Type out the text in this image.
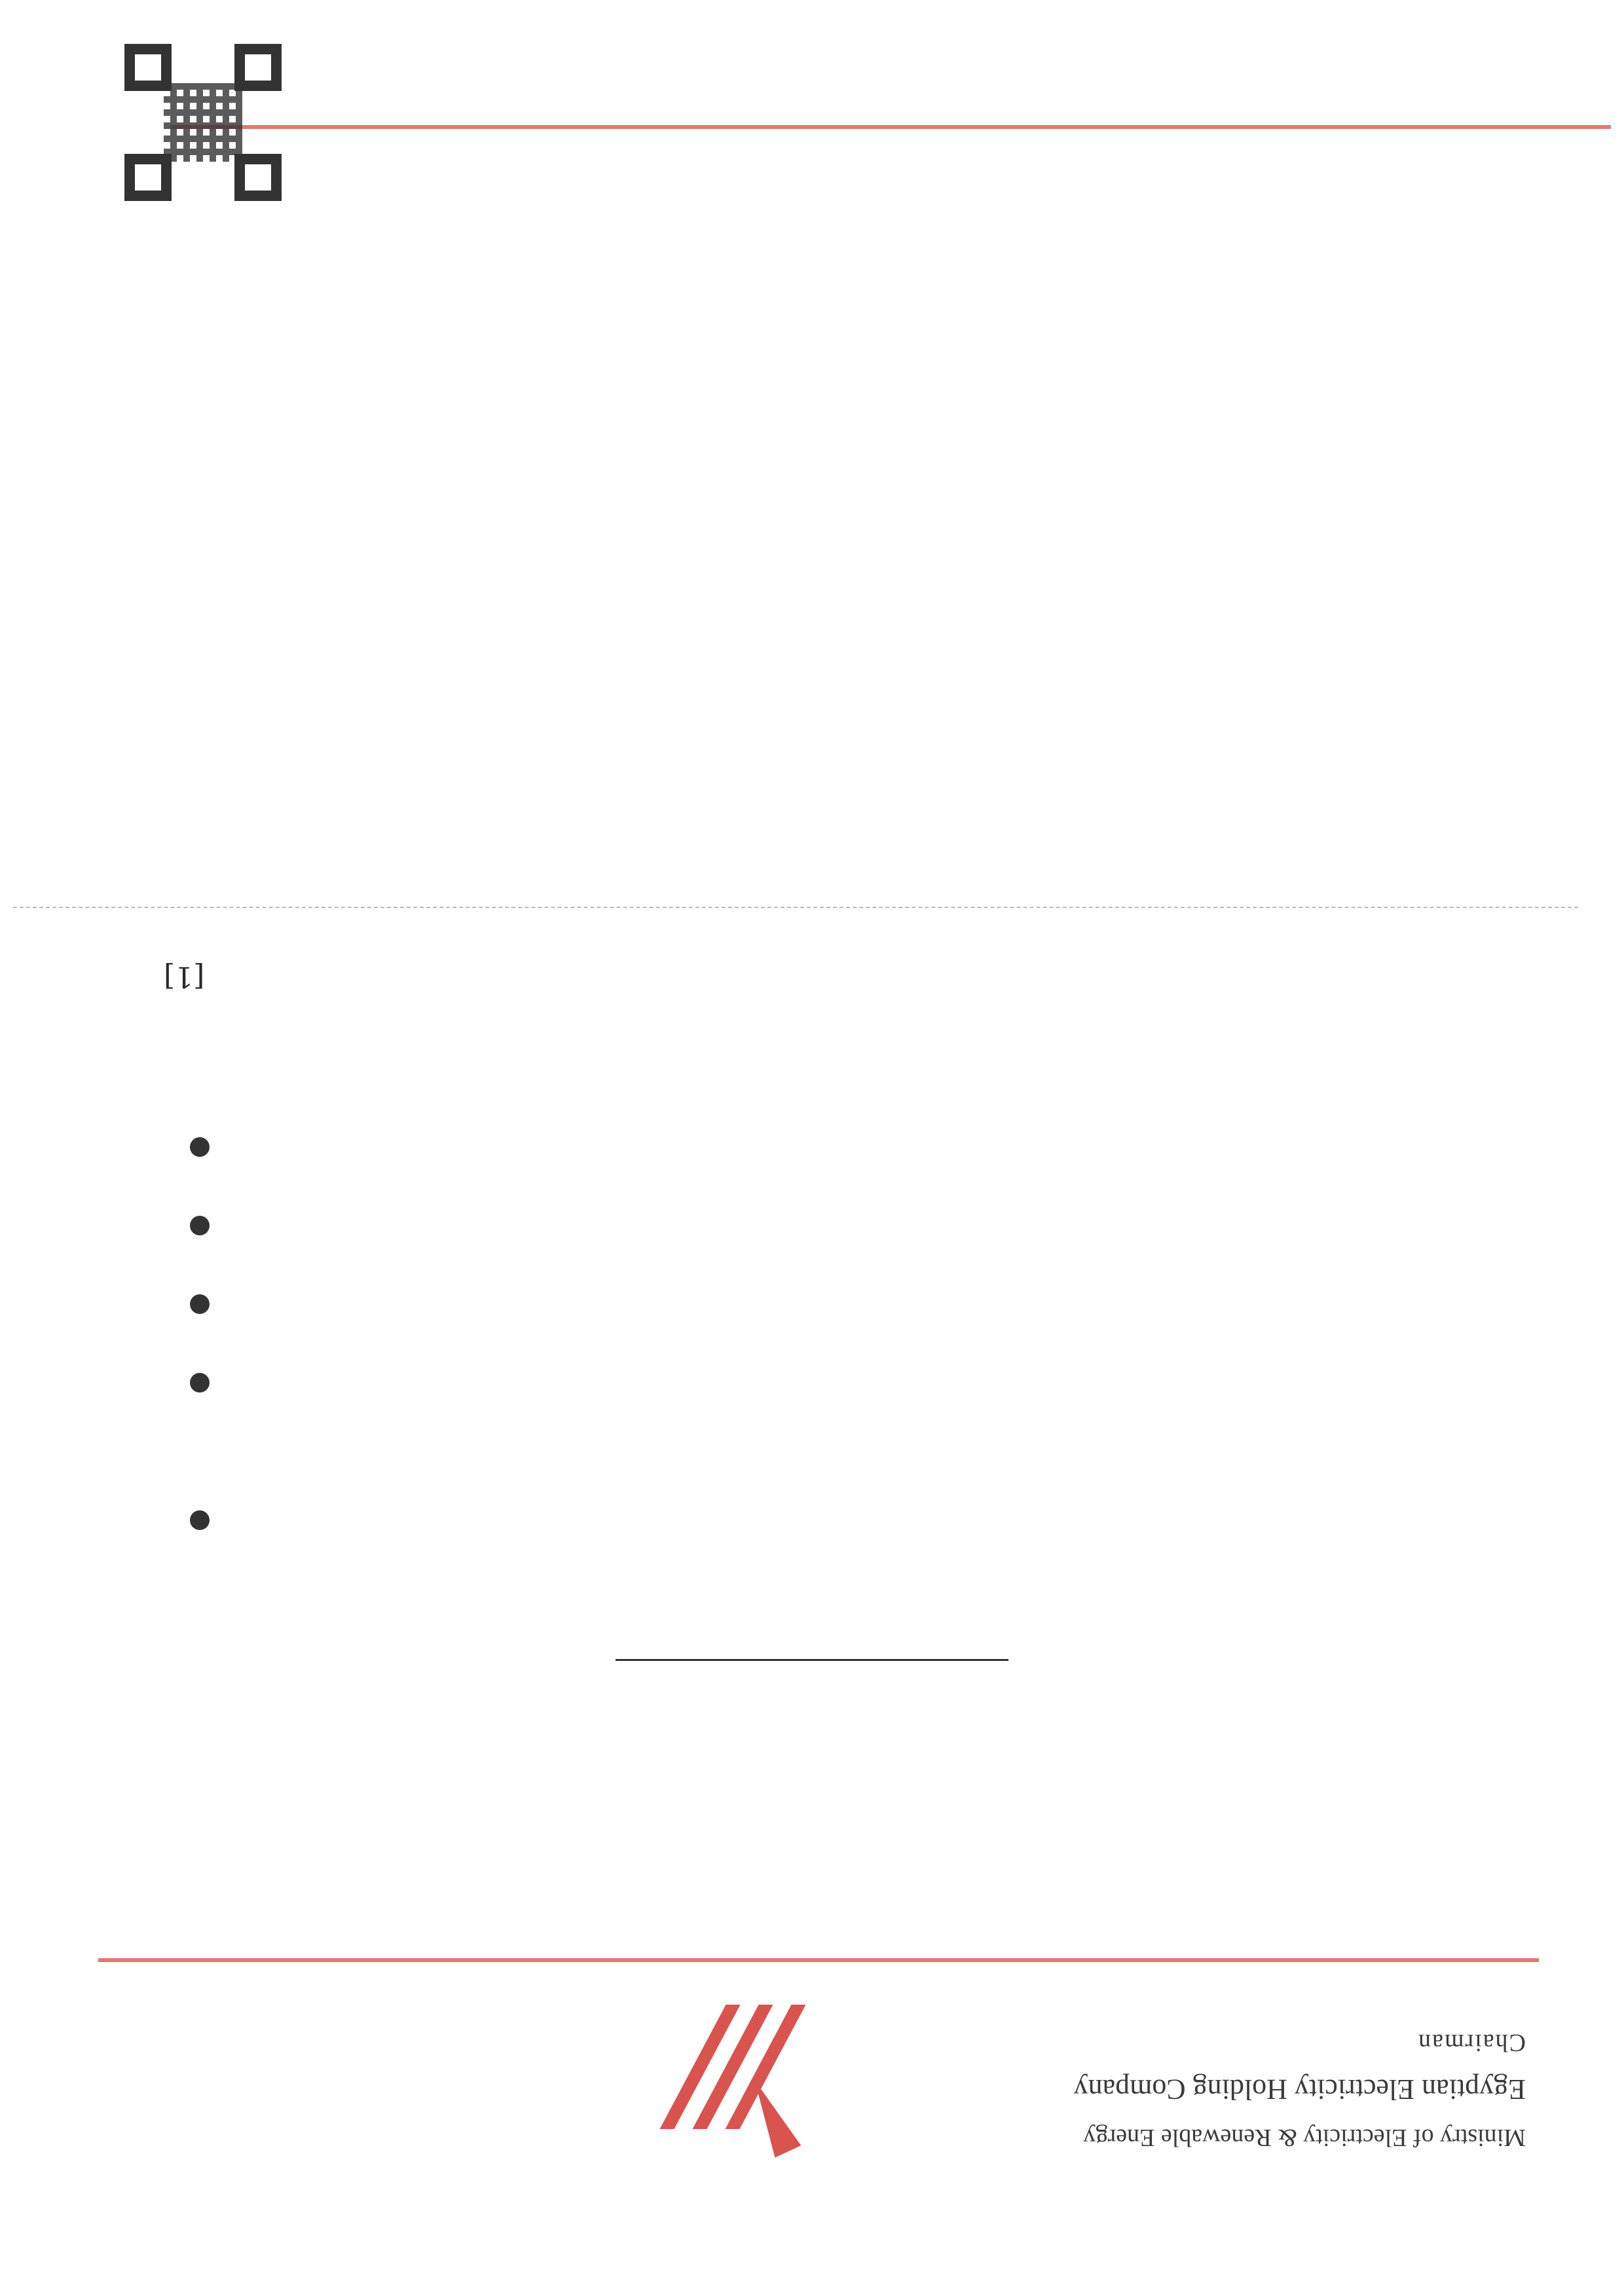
Ministry of Electricity & Renewable Energy
Egyptian Electricity Holding Company
Chairman
[1]
